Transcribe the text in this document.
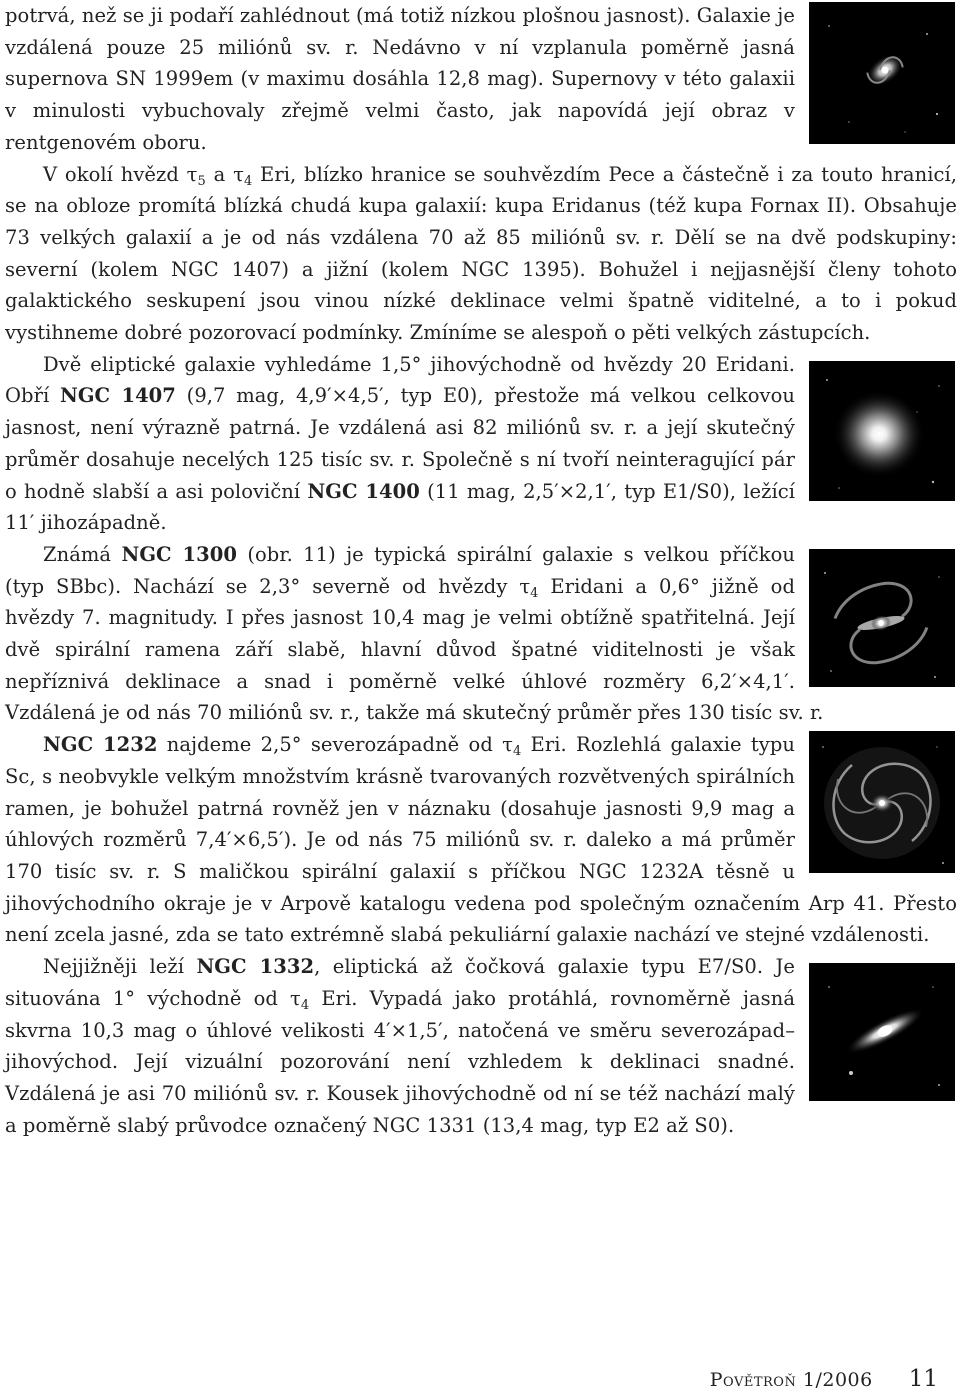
potrvá, než se ji podaří zahlédnout (má totiž nízkou plošnou jasnost). Galaxie je vzdálená pouze 25 miliónů sv. r. Nedávno v ní vzplanula poměrně jasná supernova SN 1999em (v maximu dosáhla 12,8 mag). Supernovy v této galaxii v minulosti vybuchovaly zřejmě velmi často, jak napovídá její obraz v rentgenovém oboru.

V okolí hvězd $\tau_5$ a $\tau_4$ Eri, blízko hranice se souhvězdím Pece a částečně i za touto hranicí, se na obloze promítá blízká chudá kupa galaxií: kupa Eridanus (též kupa Fornax II). Obsahuje 73 velkých galaxií a je od nás vzdálena 70 až 85 miliónů sv. r. Dělí se na dvě podskupiny: severní (kolem NGC 1407) a jižní (kolem NGC 1395). Bohužel i nejjasnější členy tohoto galaktického seskupení jsou vinou nízké deklinace velmi špatně viditelné, a to i pokud vystihneme dobré pozorovací podmínky. Zmíníme se alespoň o pěti velkých zástupcích.

Dvě eliptické galaxie vyhledáme 1,5° jihovýchodně od hvězdy 20 Eridani. Obří NGC 1407 (9,7 mag, 4,9′×4,5′, typ E0), přestože má velkou celkovou jasnost, není výrazně patrná. Je vzdálená asi 82 miliónů sv. r. a její skutečný průměr dosahuje necelých 125 tisíc sv. r. Společně s ní tvoří neinteragující pár o hodně slabší a asi poloviční NGC 1400 (11 mag, 2,5′×2,1′, typ E1/S0), ležící 11′ jihozápadně.

Známá NGC 1300 (obr. 11) je typická spirální galaxie s velkou příčkou (typ SBbc). Nachází se 2,3° severně od hvězdy $\tau_4$ Eridani a 0,6° jižně od hvězdy 7. magnitudy. I přes jasnost 10,4 mag je velmi obtížně spatřitelná. Její dvě spirální ramena září slabě, hlavní důvod špatné viditelnosti je však nepříznivá deklinace a snad i poměrně velké úhlové rozměry 6,2′×4,1′. Vzdálená je od nás 70 miliónů sv. r., takže má skutečný průměr přes 130 tisíc sv. r.

NGC 1232 najdeme 2,5° severozápadně od $\tau_4$ Eri. Rozlehlá galaxie typu Sc, s neobvykle velkým množstvím krásně tvarovaných rozvětvených spirálních ramen, je bohužel patrná rovněž jen v náznaku (dosahuje jasnosti 9,9 mag a úhlových rozměrů 7,4′×6,5′). Je od nás 75 miliónů sv. r. daleko a má průměr 170 tisíc sv. r. S maličkou spirální galaxií s příčkou NGC 1232A těsně u jihovýchodního okraje je v Arpově katalogu vedena pod společným označením Arp 41. Přesto není zcela jasné, zda se tato extrémně slabá pekuliární galaxie nachází ve stejné vzdálenosti.

Nejjižněji leží NGC 1332, eliptická až čočková galaxie typu E7/S0. Je situována 1° východně od $\tau_4$ Eri. Vypadá jako protáhlá, rovnoměrně jasná skvrna 10,3 mag o úhlové velikosti 4′×1,5′, natočená ve směru severozápad–jihovýchod. Její vizuální pozorování není vzhledem k deklinaci snadné. Vzdálená je asi 70 miliónů sv. r. Kousek jihovýchodně od ní se též nachází malý a poměrně slabý průvodce označený NGC 1331 (13,4 mag, typ E2 až S0).

Povětroň 1/2006 11
